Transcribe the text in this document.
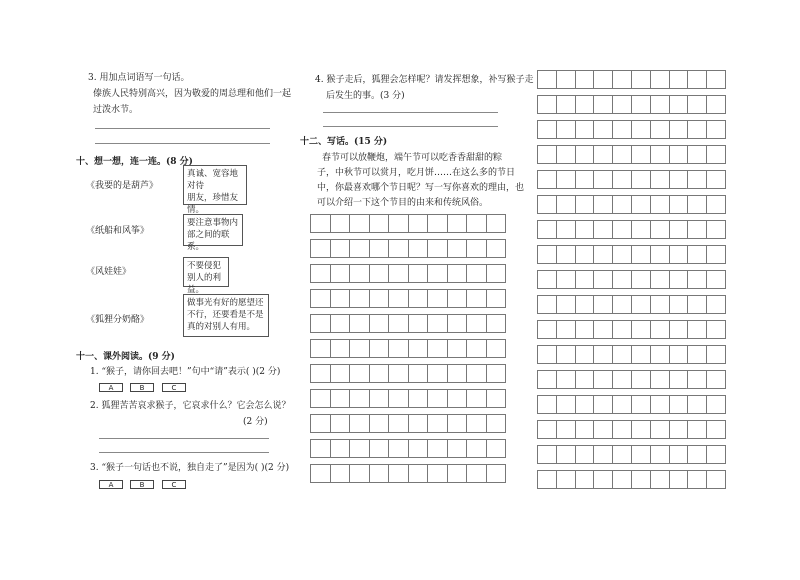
3. 用加点词语写一句话。
傣族人民特别高兴，因为敬爱的周总理和他们一起
过泼水节。
十、想一想，连一连。(8 分)
《我要的是葫芦》
《纸船和风筝》
《风娃娃》
《狐狸分奶酪》
真诚、宽容地对待
朋友，珍惜友情。
要注意事物内
部之间的联系。
不要侵犯
别人的利益。
做事光有好的愿望还
不行，还要看是不是
真的对别人有用。
十一、课外阅读。(9 分)
1. “猴子，请你回去吧！”句中“请”表示( )(2 分)
A	B	C
2. 狐狸苦苦哀求猴子，它哀求什么？它会怎么说？
(2 分)
3. “猴子一句话也不说，独自走了”是因为( )(2 分)
A	B	C
4. 猴子走后，狐狸会怎样呢？请发挥想象，补写猴子走
后发生的事。(3 分)
十二、写话。(15 分)
春节可以放鞭炮，端午节可以吃香香甜甜的粽
子，中秋节可以赏月，吃月饼……在这么多的节日
中，你最喜欢哪个节日呢？写一写你喜欢的理由，也
可以介绍一下这个节目的由来和传统风俗。
